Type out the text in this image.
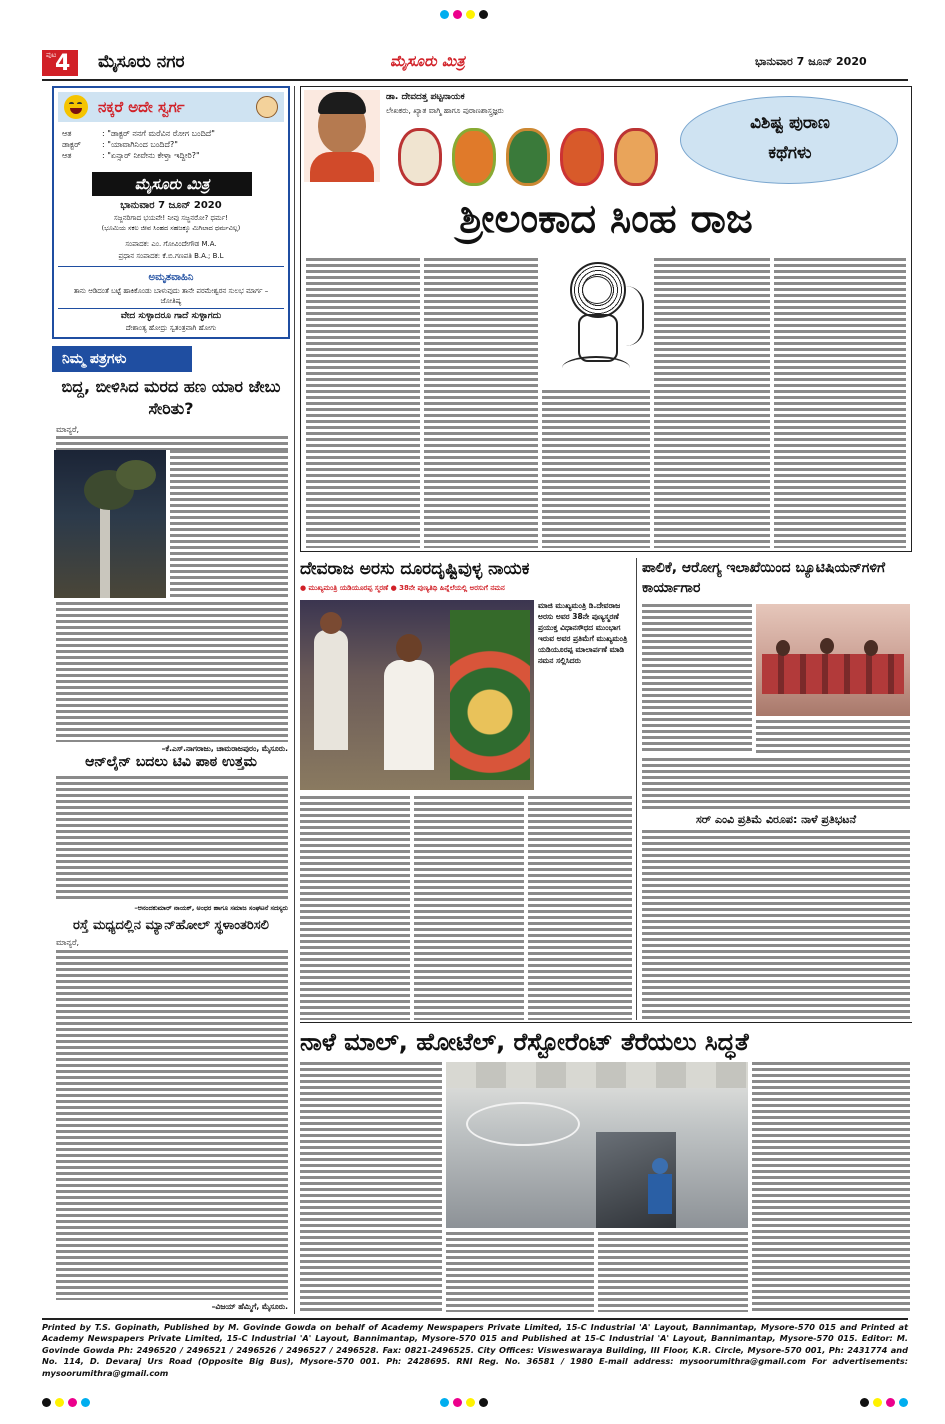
ಪುಟ
4 ಮೈಸೂರು ನಗರ	ಮೈಸೂರು ಮಿತ್ರ	ಭಾನುವಾರ 7 ಜೂನ್ 2020
ನಕ್ಕರೆ ಅದೇ ಸ್ವರ್ಗ
ಆತ	: "ಡಾಕ್ಟರ್ ನನಗೆ ಮರೆವಿನ ರೋಗ ಬಂದಿದೆ"
ಡಾಕ್ಟರ್	: "ಯಾವಾಗಿನಿಂದ ಬಂದಿದೆ?"
ಆತ	: "ಏನ್ಸಾರ್ ನೀವೇನು ಕೇಳ್ತಾ ಇದ್ದೀರಿ?"
ಮೈಸೂರು ಮಿತ್ರ
ಭಾನುವಾರ 7 ಜೂನ್ 2020
ಸಜ್ಜನರಿಗಾದ ಭಯವೇ! ನೀವು ಸಜ್ಜನರೋ? ಧರ್ಮ!
(ಭೂಮಿಯ ಸಕಲ ಜೀವ ಸಿಂಹದ ಸಹಜಕ್ಕೂ ಮಿಗಿಲಾದ ಧರ್ಮವಿಲ್ಲ)
ಸಂಪಾದಕ: ಎಂ. ಗೋವಿಂದೇಗೌಡ M.A.
ಪ್ರಧಾನ ಸಂಪಾದಕ: ಕೆ.ಬಿ.ಗಣಪತಿ B.A.; B.L
ಅಮೃತವಾಹಿನಿ
ತಾನು ಆಡಿದಂತೆ ಬಟ್ಟೆ ಹಾಕಿಕೊಂಡು ಬಾಳುವುದು ತಾನೇ ಪರಮೇಶ್ವರನ ಸುಲಭ ಮಾರ್ಗ –ಜೋತಿಷ್ಯ
ವೇದ ಸುಳ್ಳಾದರೂ ಗಾದೆ ಸುಳ್ಳಾಗದು
ದೇಶಾಂತ್ಯ ಹೋದ್ರು ಸ್ವತಂತ್ರವಾಗಿ ಹೋಗು
ನಿಮ್ಮ ಪತ್ರಗಳು
ಬಿದ್ದ, ಬೀಳಿಸಿದ ಮರದ ಹಣ ಯಾರ ಜೇಬು ಸೇರಿತು?
ಮಾನ್ಯರೆ,
–ಕೆ.ಎಸ್.ನಾಗರಾಜು, ಚಾಮರಾಜಪುರಂ, ಮೈಸೂರು.
ಆನ್‌ಲೈನ್ ಬದಲು ಟಿವಿ ಪಾಠ ಉತ್ತಮ
–ಆನಂದಕುಮಾರ್ ನಾಯಕ್, ಅಂಧರ ಹಾಗೂ ಸಮಾಜ ಸಂಘಟನೆ ಸದಸ್ಯರು
ರಸ್ತೆ ಮಧ್ಯದಲ್ಲಿನ ಮ್ಯಾನ್‌ಹೋಲ್ ಸ್ಥಳಾಂತರಿಸಲಿ
ಮಾನ್ಯರೆ,
–ವಿಜಯ್ ಹೆಮ್ಮಿಗೆ, ಮೈಸೂರು.
ಡಾ. ದೇವದತ್ತ ಪಟ್ಟನಾಯಕ
ಲೇಖಕರು, ಖ್ಯಾತ ವಾಗ್ಮಿ ಹಾಗೂ ಪುರಾಣಶಾಸ್ತ್ರಜ್ಞರು
ವಿಶಿಷ್ಟ ಪುರಾಣ
ಕಥೆಗಳು
ಶ್ರೀಲಂಕಾದ ಸಿಂಹ ರಾಜ
ದೇವರಾಜ ಅರಸು ದೂರದೃಷ್ಟಿವುಳ್ಳ ನಾಯಕ
● ಮುಖ್ಯಮಂತ್ರಿ ಯಡಿಯೂರಪ್ಪ ಸ್ಮರಣೆ ● 38ನೇ ಪುಣ್ಯತಿಥಿ ಹಿನ್ನೆಲೆಯಲ್ಲಿ ಅರಸುಗೆ ನಮನ
ಮಾಜಿ ಮುಖ್ಯಮಂತ್ರಿ ಡಿ.ದೇವರಾಜ ಅರಸು ಅವರ 38ನೇ ಪುಣ್ಯಸ್ಮರಣೆ ಪ್ರಯುಕ್ತ ವಿಧಾನಸೌಧದ ಮುಂಭಾಗ ಇರುವ ಅವರ ಪ್ರತಿಮೆಗೆ ಮುಖ್ಯಮಂತ್ರಿ ಯಡಿಯೂರಪ್ಪ ಮಾಲಾರ್ಪಣೆ ಮಾಡಿ ನಮನ ಸಲ್ಲಿಸಿದರು
ಪಾಲಿಕೆ, ಆರೋಗ್ಯ ಇಲಾಖೆಯಿಂದ ಬ್ಯೂಟಿಷಿಯನ್‌ಗಳಿಗೆ ಕಾರ್ಯಾಗಾರ
ಸರ್ ಎಂವಿ ಪ್ರತಿಮೆ ವಿರೂಪ: ನಾಳೆ ಪ್ರತಿಭಟನೆ
ನಾಳೆ ಮಾಲ್, ಹೋಟೆಲ್, ರೆಸ್ಟೋರೆಂಟ್ ತೆರೆಯಲು ಸಿದ್ಧತೆ
Printed by T.S. Gopinath, Published by M. Govinde Gowda on behalf of Academy Newspapers Private Limited, 15-C Industrial 'A' Layout, Bannimantap, Mysore-570 015 and Printed at Academy Newspapers Private Limited, 15-C Industrial 'A' Layout, Bannimantap, Mysore-570 015 and Published at 15-C Industrial 'A' Layout, Bannimantap, Mysore-570 015. Editor: M. Govinde Gowda Ph: 2496520 / 2496521 / 2496526 / 2496527 / 2496528. Fax: 0821-2496525. City Offices: Visweswaraya Building, III Floor, K.R. Circle, Mysore-570 001, Ph: 2431774 and No. 114, D. Devaraj Urs Road (Opposite Big Bus), Mysore-570 001. Ph: 2428695. RNI Reg. No. 36581 / 1980 E-mail address: mysoorumithra@gmail.com For advertisements: mysoorumithra@gmail.com
